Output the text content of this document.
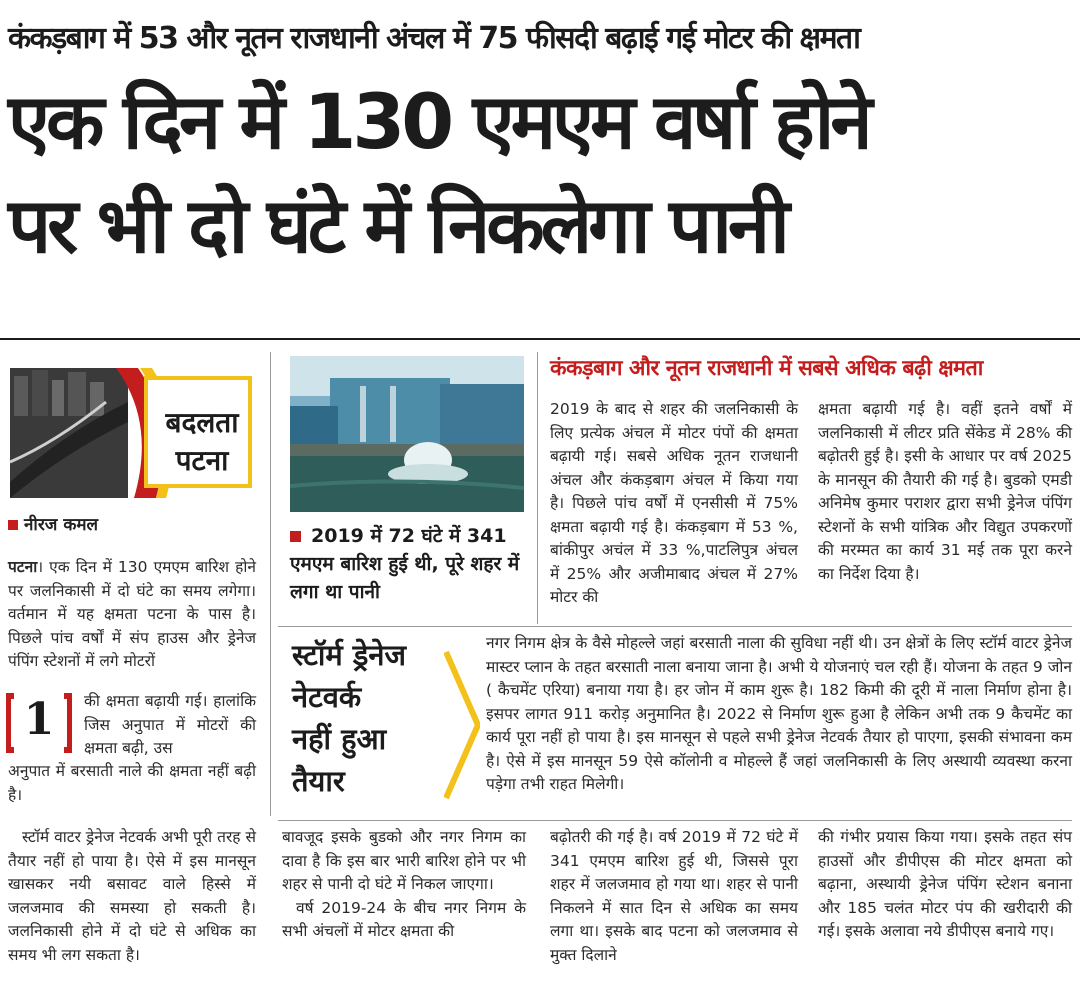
कंकड़बाग में 53 और नूतन राजधानी अंचल में 75 फीसदी बढ़ाई गई मोटर की क्षमता
एक दिन में 130 एमएम वर्षा होने
पर भी दो घंटे में निकलेगा पानी
बदलता
पटना
नीरज कमल
पटना। एक दिन में 130 एमएम बारिश होने पर जलनिकासी में दो घंटे का समय लगेगा। वर्तमान में यह क्षमता पटना के पास है। पिछले पांच वर्षों में संप हाउस और ड्रेनेज पंपिंग स्टेशनों में लगे मोटरों
1	की क्षमता बढ़ायी गई। हालांकि जिस अनुपात में मोटरों की क्षमता बढ़ी, उस
अनुपात में बरसाती नाले की क्षमता नहीं बढ़ी है।
स्टॉर्म वाटर ड्रेनेज नेटवर्क अभी पूरी तरह से तैयार नहीं हो पाया है। ऐसे में इस मानसून खासकर नयी बसावट वाले हिस्से में जलजमाव की समस्या हो सकती है। जलनिकासी होने में दो घंटे से अधिक का समय भी लग सकता है।
2019 में 72 घंटे में 341 एमएम बारिश हुई थी, पूरे शहर में लगा था पानी
कंकड़बाग और नूतन राजधानी में सबसे अधिक बढ़ी क्षमता
2019 के बाद से शहर की जलनिकासी के लिए प्रत्येक अंचल में मोटर पंपों की क्षमता बढ़ायी गई। सबसे अधिक नूतन राजधानी अंचल और कंकड़बाग अंचल में किया गया है। पिछले पांच वर्षों में एनसीसी में 75% क्षमता बढ़ायी गई है। कंकड़बाग में 53 %, बांकीपुर अचंल में 33 %,पाटलिपुत्र अंचल में 25% और अजीमाबाद अंचल में 27% मोटर की
क्षमता बढ़ायी गई है। वहीं इतने वर्षों में जलनिकासी में लीटर प्रति सेंकेड में 28% की बढ़ोतरी हुई है। इसी के आधार पर वर्ष 2025 के मानसून की तैयारी की गई है। बुडको एमडी अनिमेष कुमार पराशर द्वारा सभी ड्रेनेज पंपिंग स्टेशनों के सभी यांत्रिक और विद्युत उपकरणों की मरम्मत का कार्य 31 मई तक पूरा करने का निर्देश दिया है।
स्टॉर्म ड्रेनेज
नेटवर्क
नहीं हुआ
तैयार
नगर निगम क्षेत्र के वैसे मोहल्ले जहां बरसाती नाला की सुविधा नहीं थी। उन क्षेत्रों के लिए स्टॉर्म वाटर ड्रेनेज मास्टर प्लान के तहत बरसाती नाला बनाया जाना है। अभी ये योजनाएं चल रही हैं। योजना के तहत 9 जोन ( कैचमेंट एरिया) बनाया गया है। हर जोन में काम शुरू है। 182 किमी की दूरी में नाला निर्माण होना है। इसपर लागत 911 करोड़ अनुमानित है। 2022 से निर्माण शुरू हुआ है लेकिन अभी तक 9 कैचमेंट का कार्य पूरा नहीं हो पाया है। इस मानसून से पहले सभी ड्रेनेज नेटवर्क तैयार हो पाएगा, इसकी संभावना कम है। ऐसे में इस मानसून 59 ऐसे कॉलोनी व मोहल्ले हैं जहां जलनिकासी के लिए अस्थायी व्यवस्था करना पड़ेगा तभी राहत मिलेगी।
बावजूद इसके बुडको और नगर निगम का दावा है कि इस बार भारी बारिश होने पर भी शहर से पानी दो घंटे में निकल जाएगा।
वर्ष 2019-24 के बीच नगर निगम के सभी अंचलों में मोटर क्षमता की
बढ़ोतरी की गई है। वर्ष 2019 में 72 घंटे में 341 एमएम बारिश हुई थी, जिससे पूरा शहर में जलजमाव हो गया था। शहर से पानी निकलने में सात दिन से अधिक का समय लगा था। इसके बाद पटना को जलजमाव से मुक्त दिलाने
की गंभीर प्रयास किया गया। इसके तहत संप हाउसों और डीपीएस की मोटर क्षमता को बढ़ाना, अस्थायी ड्रेनेज पंपिंग स्टेशन बनाना और 185 चलंत मोटर पंप की खरीदारी की गई। इसके अलावा नये डीपीएस बनाये गए।
